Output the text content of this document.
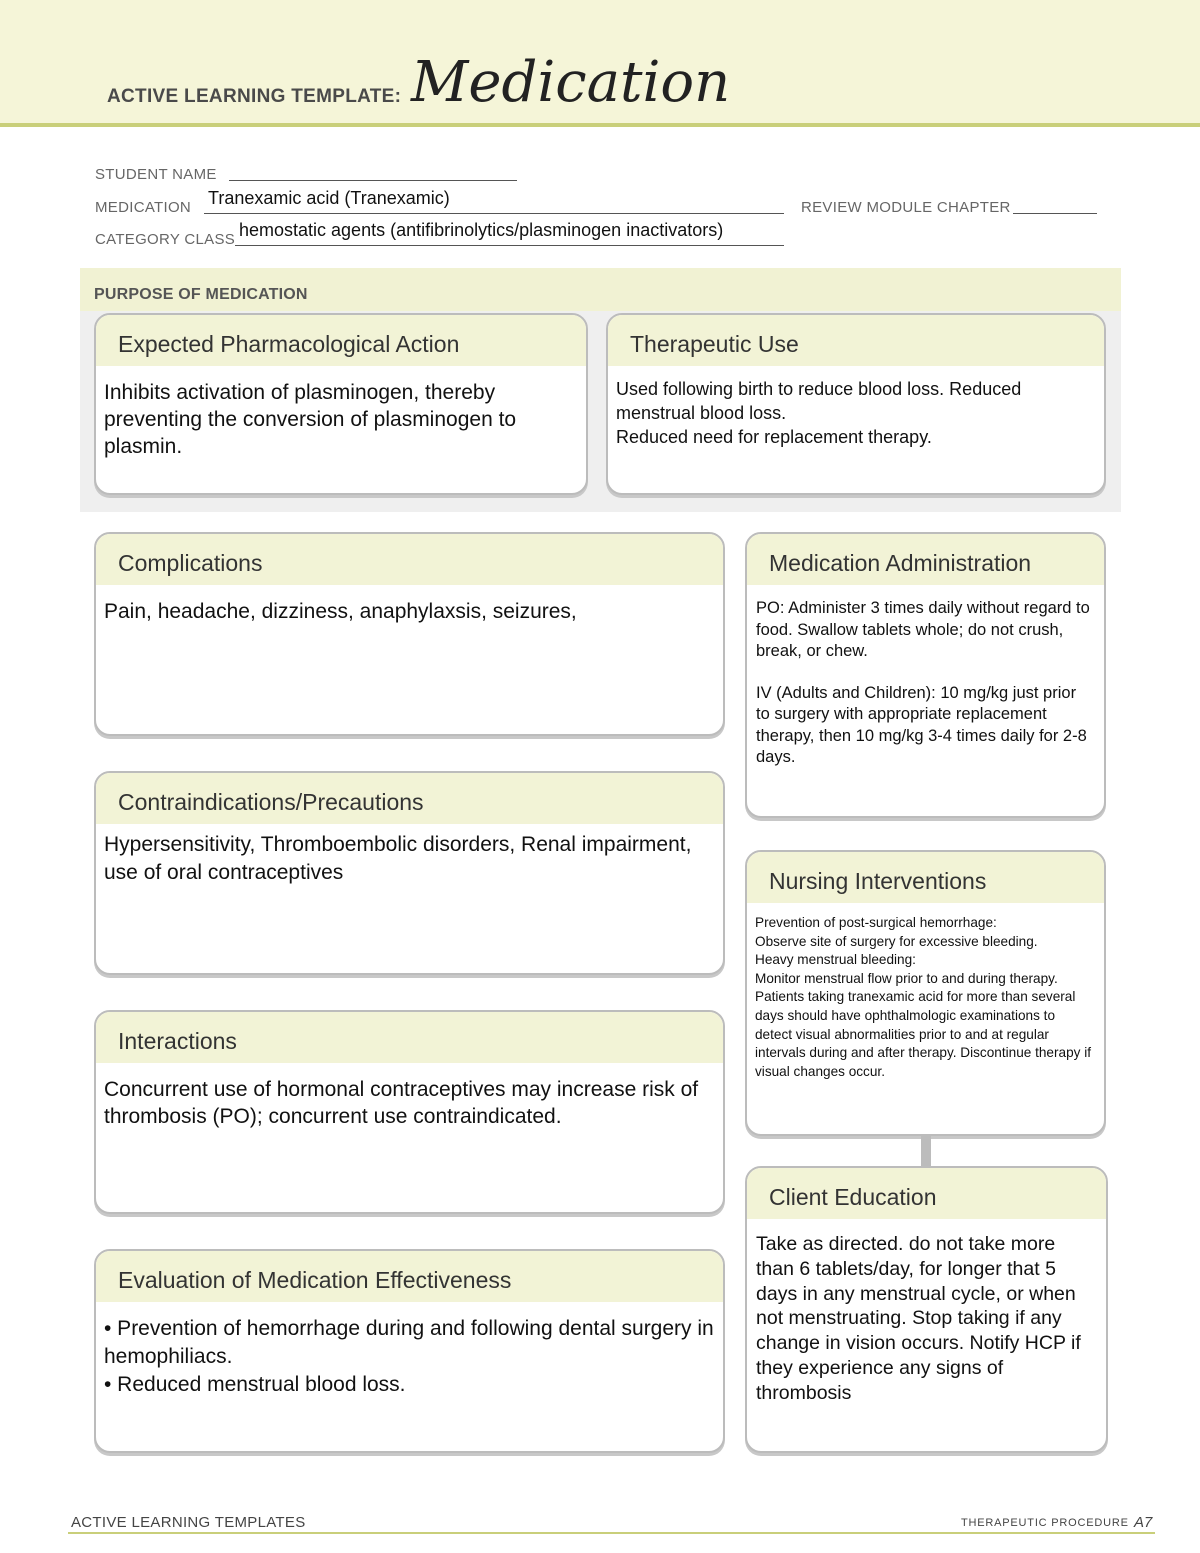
ACTIVE LEARNING TEMPLATE: Medication
STUDENT NAME
MEDICATION Tranexamic acid (Tranexamic)	REVIEW MODULE CHAPTER
CATEGORY CLASS hemostatic agents (antifibrinolytics/plasminogen inactivators)
PURPOSE OF MEDICATION
Expected Pharmacological Action
Inhibits activation of plasminogen, thereby preventing the conversion of plasminogen to plasmin.
Therapeutic Use
Used following birth to reduce blood loss. Reduced menstrual blood loss.
Reduced need for replacement therapy.
Complications
Pain, headache, dizziness, anaphylaxsis, seizures,
Contraindications/Precautions
Hypersensitivity, Thromboembolic disorders, Renal impairment, use of oral contraceptives
Interactions
Concurrent use of hormonal contraceptives may increase risk of thrombosis (PO); concurrent use contraindicated.
Evaluation of Medication Effectiveness
• Prevention of hemorrhage during and following dental surgery in hemophiliacs.
• Reduced menstrual blood loss.
Medication Administration
PO: Administer 3 times daily without regard to food. Swallow tablets whole; do not crush, break, or chew.
IV (Adults and Children): 10 mg/kg just prior to surgery with appropriate replacement therapy, then 10 mg/kg 3-4 times daily for 2-8 days.
Nursing Interventions
Prevention of post-surgical hemorrhage:
Observe site of surgery for excessive bleeding.
Heavy menstrual bleeding:
Monitor menstrual flow prior to and during therapy. Patients taking tranexamic acid for more than several days should have ophthalmologic examinations to detect visual abnormalities prior to and at regular intervals during and after therapy. Discontinue therapy if visual changes occur.
Client Education
Take as directed. do not take more than 6 tablets/day, for longer that 5 days in any menstrual cycle, or when not menstruating. Stop taking if any change in vision occurs. Notify HCP if they experience any signs of thrombosis
ACTIVE LEARNING TEMPLATES	THERAPEUTIC PROCEDURE A7
